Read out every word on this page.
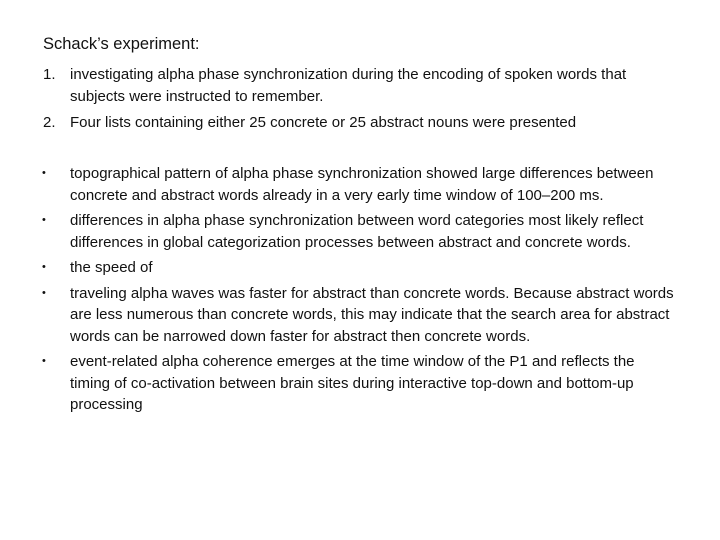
Schack’s experiment:
1. investigating alpha phase synchronization during the encoding of spoken words that subjects were instructed to remember.
2. Four lists containing either 25 concrete or 25 abstract nouns were presented
• topographical pattern of alpha phase synchronization showed large differences between concrete and abstract words already in a very early time window of 100–200 ms.
• differences in alpha phase synchronization between word categories most likely reflect differences in global categorization processes between abstract and concrete words.
• the speed of
• traveling alpha waves was faster for abstract than concrete words. Because abstract words are less numerous than concrete words, this may indicate that the search area for abstract words can be narrowed down faster for abstract then concrete words.
• event-related alpha coherence emerges at the time window of the P1 and reflects the timing of co-activation between brain sites during interactive top-down and bottom-up processing
